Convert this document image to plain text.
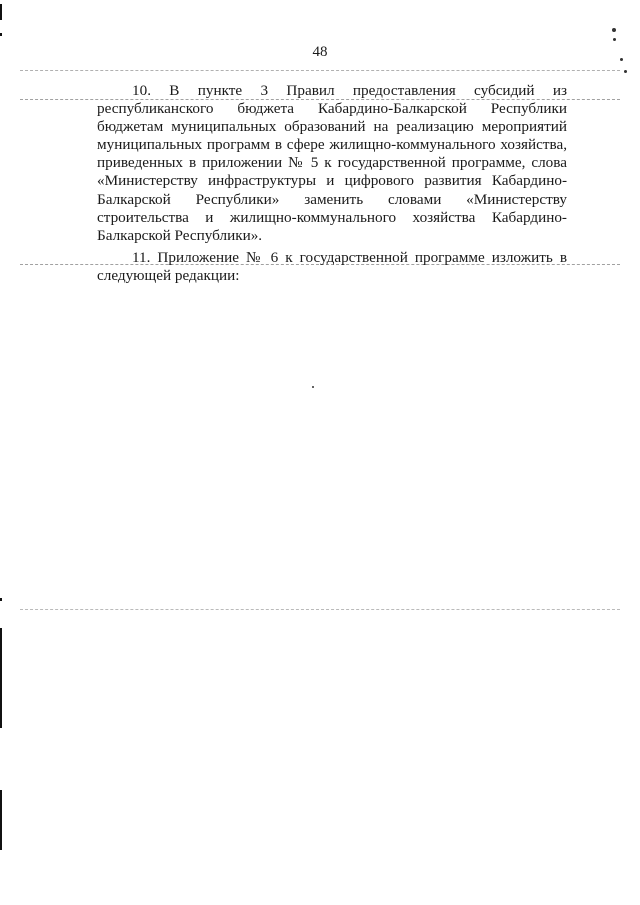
48

10. В пункте 3 Правил предоставления субсидий из республиканского бюджета Кабардино-Балкарской Республики бюджетам муниципальных образований на реализацию мероприятий муниципальных программ в сфере жилищно-коммунального хозяйства, приведенных в приложении № 5 к государственной программе, слова «Министерству инфраструктуры и цифрового развития Кабардино-Балкарской Республики» заменить словами «Министерству строительства и жилищно-коммунального хозяйства Кабардино-Балкарской Республики».

11. Приложение № 6 к государственной программе изложить в следующей редакции:
